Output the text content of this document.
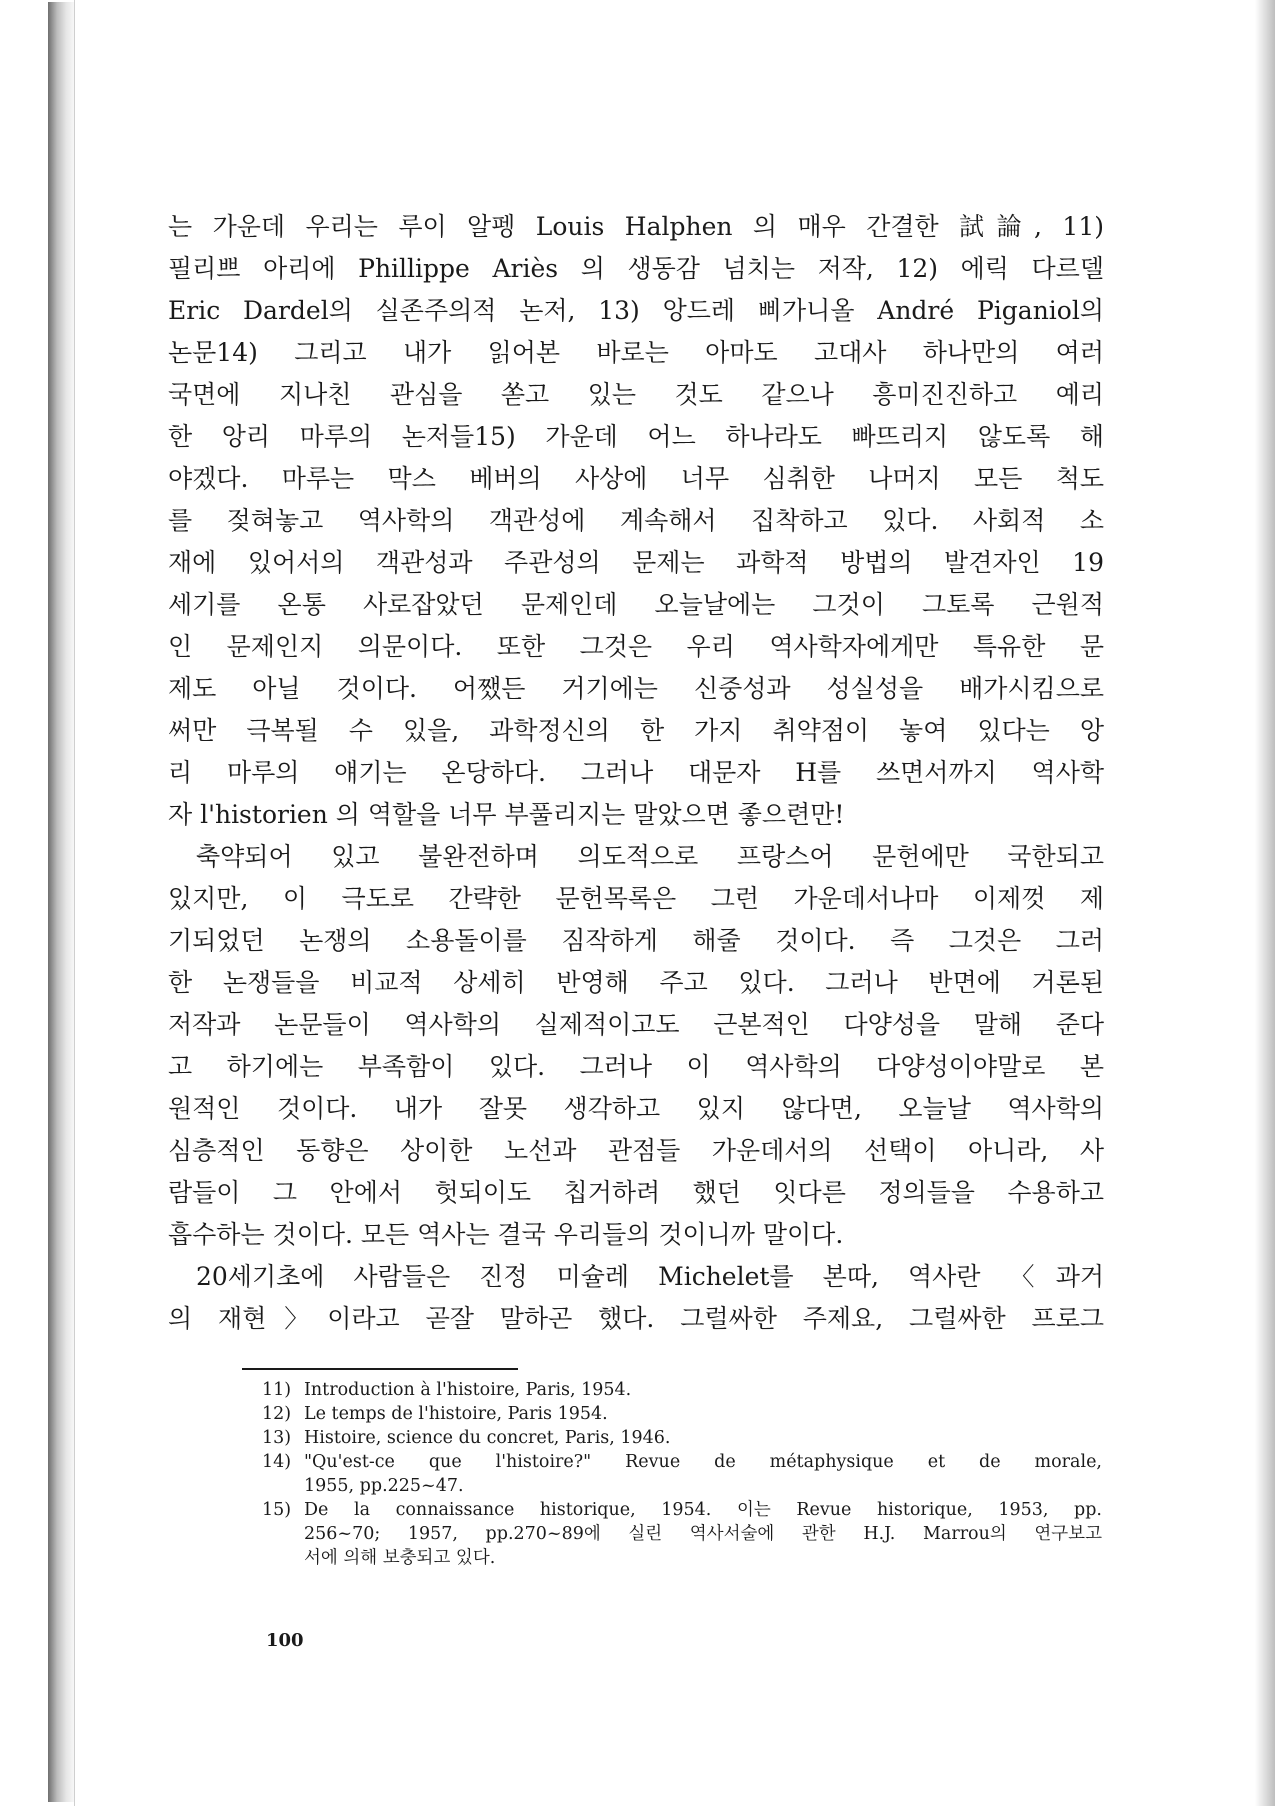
는 가운데 우리는 루이 알펭 Louis Halphen 의 매우 간결한 試論, 11)
필리쁘 아리에 Phillippe Ariès 의 생동감 넘치는 저작, 12) 에릭 다르델
Eric Dardel의 실존주의적 논저, 13) 앙드레 삐가니올 André Piganiol의
논문14) 그리고 내가 읽어본 바로는 아마도 고대사 하나만의 여러
국면에 지나친 관심을 쏟고 있는 것도 같으나 흥미진진하고 예리
한 앙리 마루의 논저들15) 가운데 어느 하나라도 빠뜨리지 않도록 해
야겠다. 마루는 막스 베버의 사상에 너무 심취한 나머지 모든 척도
를 젖혀놓고 역사학의 객관성에 계속해서 집착하고 있다. 사회적 소
재에 있어서의 객관성과 주관성의 문제는 과학적 방법의 발견자인 19
세기를 온통 사로잡았던 문제인데 오늘날에는 그것이 그토록 근원적
인 문제인지 의문이다. 또한 그것은 우리 역사학자에게만 특유한 문
제도 아닐 것이다. 어쨌든 거기에는 신중성과 성실성을 배가시킴으로
써만 극복될 수 있을, 과학정신의 한 가지 취약점이 놓여 있다는 앙
리 마루의 얘기는 온당하다. 그러나 대문자 H를 쓰면서까지 역사학
자 l'historien 의 역할을 너무 부풀리지는 말았으면 좋으련만!
축약되어 있고 불완전하며 의도적으로 프랑스어 문헌에만 국한되고
있지만, 이 극도로 간략한 문헌목록은 그런 가운데서나마 이제껏 제
기되었던 논쟁의 소용돌이를 짐작하게 해줄 것이다. 즉 그것은 그러
한 논쟁들을 비교적 상세히 반영해 주고 있다. 그러나 반면에 거론된
저작과 논문들이 역사학의 실제적이고도 근본적인 다양성을 말해 준다
고 하기에는 부족함이 있다. 그러나 이 역사학의 다양성이야말로 본
원적인 것이다. 내가 잘못 생각하고 있지 않다면, 오늘날 역사학의
심층적인 동향은 상이한 노선과 관점들 가운데서의 선택이 아니라, 사
람들이 그 안에서 헛되이도 칩거하려 했던 잇다른 정의들을 수용하고
흡수하는 것이다. 모든 역사는 결국 우리들의 것이니까 말이다.
20세기초에 사람들은 진정 미슐레 Michelet를 본따, 역사란 〈과거
의 재현〉이라고 곧잘 말하곤 했다. 그럴싸한 주제요, 그럴싸한 프로그
11) Introduction à l'histoire, Paris, 1954.
12) Le temps de l'histoire, Paris 1954.
13) Histoire, science du concret, Paris, 1946.
14) "Qu'est-ce que l'histoire?" Revue de métaphysique et de morale,
1955, pp.225~47.
15) De la connaissance historique, 1954. 이는 Revue historique, 1953, pp.
256~70; 1957, pp.270~89에 실린 역사서술에 관한 H.J. Marrou의 연구보고
서에 의해 보충되고 있다.
100
